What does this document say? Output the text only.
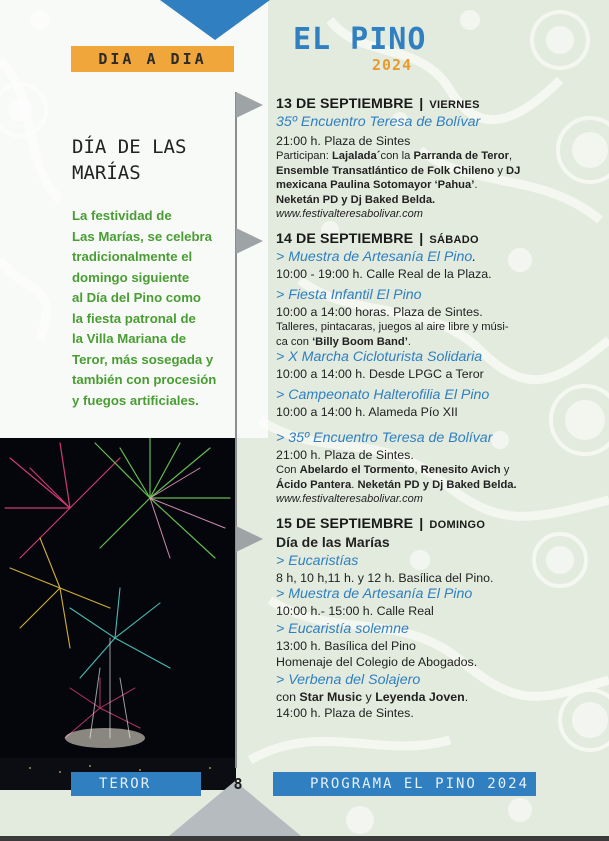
DIA A DIA
EL PINO
2024
DÍA DE LAS
MARÍAS
La festividad de
Las Marías, se celebra
tradicionalmente el
domingo siguiente
al Día del Pino como
la fiesta patronal de
la Villa Mariana de
Teror, más sosegada y
también con procesión
y fuegos artificiales.

13 DE SEPTIEMBRE | VIERNES

35º Encuentro Teresa de Bolívar

21:00 h. Plaza de Sintes

Participan: Lajalada´con la Parranda de Teror,
Ensemble Transatlántico de Folk Chileno y DJ
mexicana Paulina Sotomayor ‘Pahua’.
Neketán PD y Dj Baked Belda.

www.festivalteresabolivar.com

14 DE SEPTIEMBRE | SÁBADO

> Muestra de Artesanía El Pino.

10:00 - 19:00 h. Calle Real de la Plaza.

> Fiesta Infantil El Pino

10:00 a 14:00 horas. Plaza de Sintes.

Talleres, pintacaras, juegos al aire libre y músi-
ca con ‘Billy Boom Band’.

> X Marcha Cicloturista Solidaria

10:00 a 14:00 h. Desde LPGC a Teror

> Campeonato Halterofilia El Pino

10:00 a 14:00 h. Alameda Pío XII

> 35º Encuentro Teresa de Bolívar

21:00 h. Plaza de Sintes.

Con Abelardo el Tormento, Renesito Avich y
Ácido Pantera. Neketán PD y Dj Baked Belda.

www.festivalteresabolivar.com

15 DE SEPTIEMBRE | DOMINGO

Día de las Marías

> Eucaristías

8 h, 10 h,11 h. y 12 h. Basílica del Pino.

> Muestra de Artesanía El Pino

10:00 h.- 15:00 h. Calle Real

> Eucaristía solemne

13:00 h. Basílica del Pino

Homenaje del Colegio de Abogados.

> Verbena del Solajero

con Star Music y Leyenda Joven.

14:00 h. Plaza de Sintes.

TEROR	8	PROGRAMA EL PINO 2024
